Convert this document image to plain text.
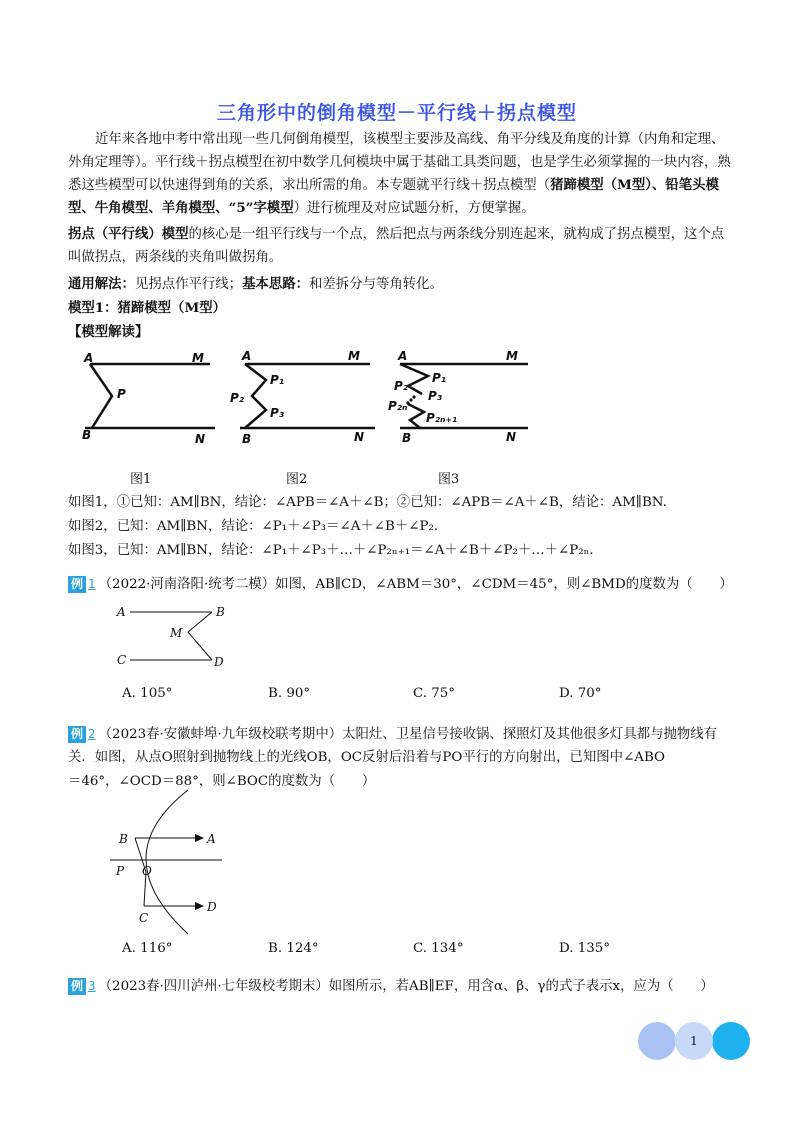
三角形中的倒角模型－平行线＋拐点模型
近年来各地中考中常出现一些几何倒角模型，该模型主要涉及高线、角平分线及角度的计算（内角和定理、外角定理等）。平行线＋拐点模型在初中数学几何模块中属于基础工具类问题，也是学生必须掌握的一块内容，熟悉这些模型可以快速得到角的关系，求出所需的角。本专题就平行线＋拐点模型（猪蹄模型（M型）、铅笔头模型、牛角模型、羊角模型、“5”字模型）进行梳理及对应试题分析，方便掌握。
拐点（平行线）模型的核心是一组平行线与一个点，然后把点与两条线分别连起来，就构成了拐点模型，这个点叫做拐点，两条线的夹角叫做拐角。
通用解法：见拐点作平行线；基本思路：和差拆分与等角转化。
模型1：猪蹄模型（M型）
【模型解读】
A	M
P
B	N
A	M
P₁
P₂
P₃
B	N
A	M
P₁
P₂
P₃
P₂ₙ
P₂ₙ₊₁
B	N
图1	图2	图3
如图1，①已知：AM∥BN，结论：∠APB＝∠A＋∠B；②已知：∠APB＝∠A＋∠B，结论：AM∥BN.
如图2，已知：AM∥BN，结论：∠P₁＋∠P₃＝∠A＋∠B＋∠P₂.
如图3，已知：AM∥BN，结论：∠P₁＋∠P₃＋…＋∠P₂ₙ₊₁＝∠A＋∠B＋∠P₂＋…＋∠P₂ₙ.
例 1 （2022·河南洛阳·统考二模）如图，AB∥CD，∠ABM＝30°，∠CDM＝45°，则∠BMD的度数为（　　）
A	B
M
C	D
A. 105°	B. 90°	C. 75°	D. 70°
例 2 （2023春·安徽蚌埠·九年级校联考期中）太阳灶、卫星信号接收锅、探照灯及其他很多灯具都与抛物线有
关．如图，从点O照射到抛物线上的光线OB，OC反射后沿着与PO平行的方向射出，已知图中∠ABO
＝46°，∠OCD＝88°，则∠BOC的度数为（　　）
B	A
P O
C
D
A. 116°	B. 124°	C. 134°	D. 135°
例 3 （2023春·四川泸州·七年级校考期末）如图所示，若AB∥EF，用含α、β、γ的式子表示x，应为（　　）
1
